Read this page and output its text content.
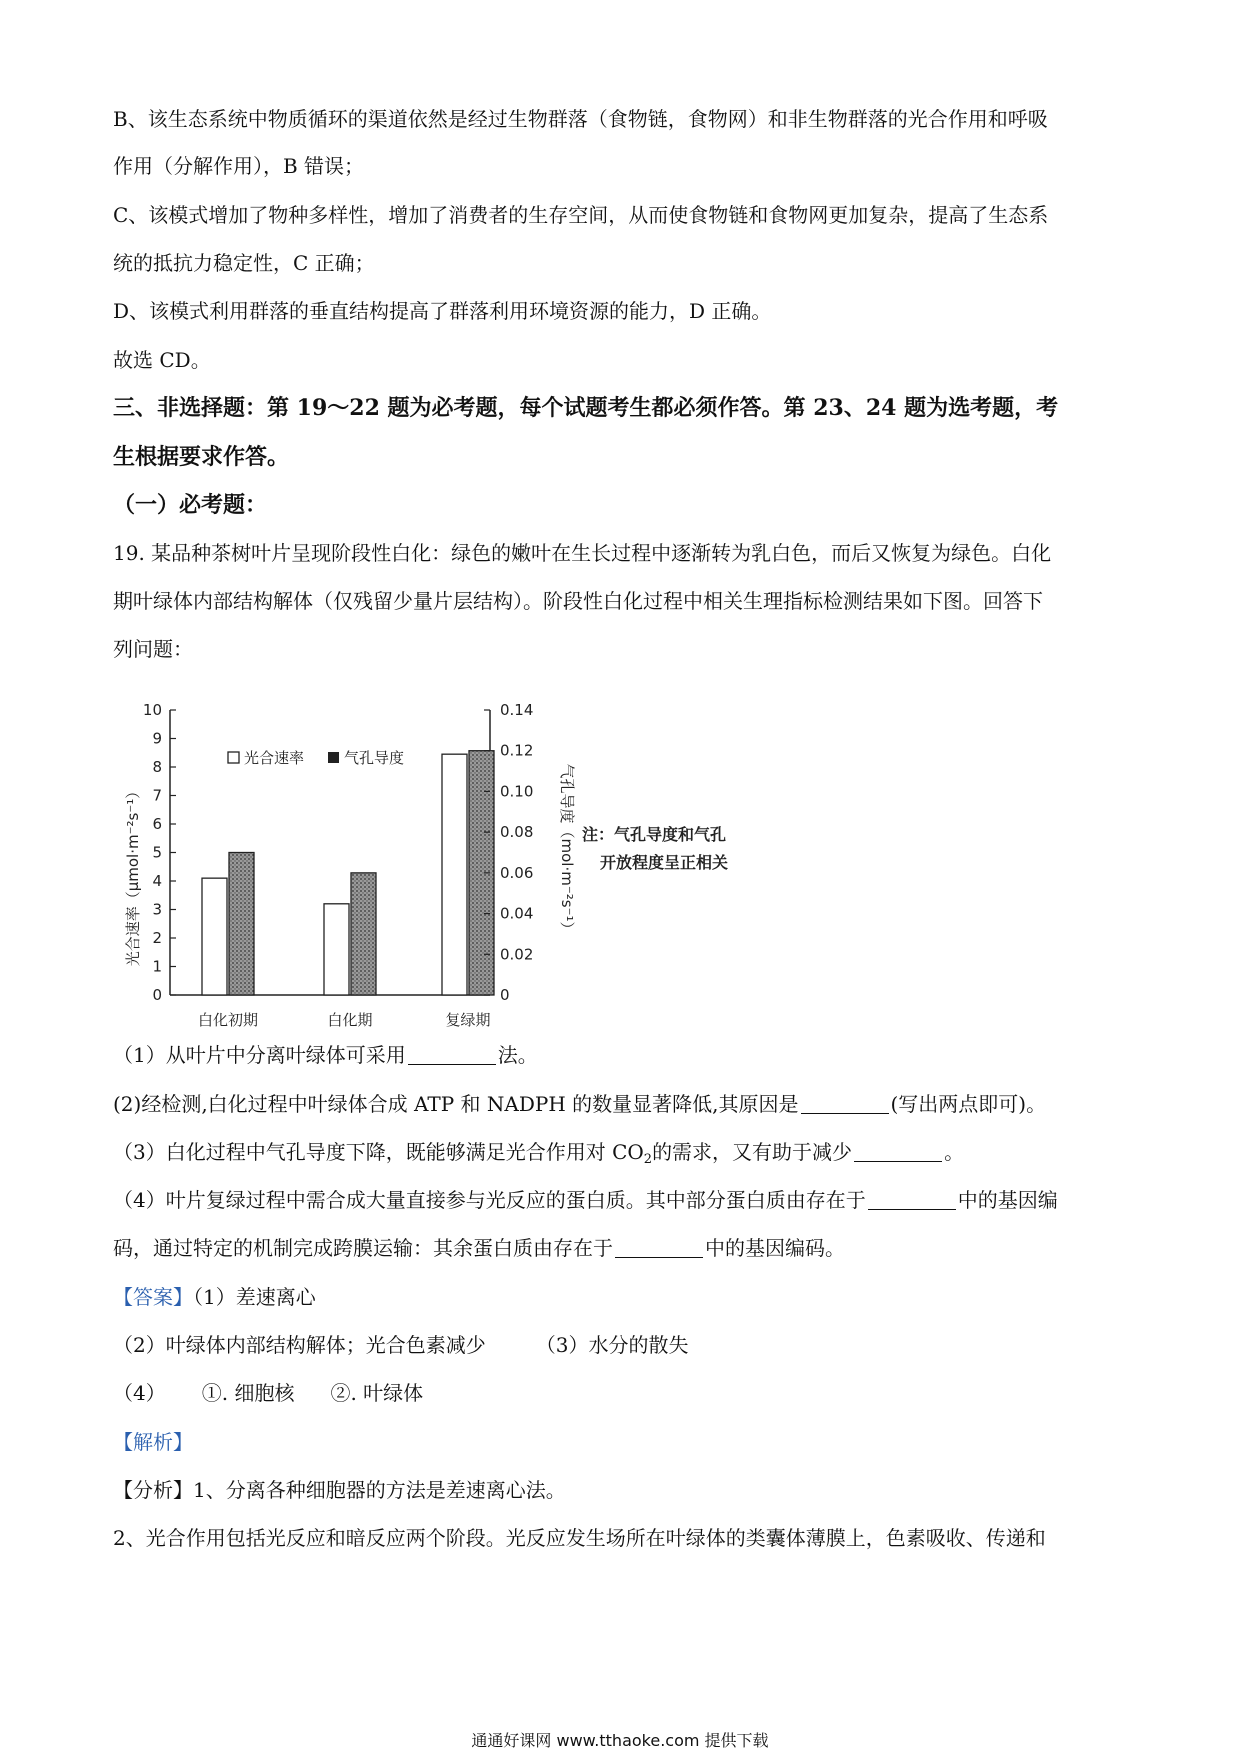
B、该生态系统中物质循环的渠道依然是经过生物群落（食物链，食物网）和非生物群落的光合作用和呼吸
作用（分解作用），B 错误；
C、该模式增加了物种多样性，增加了消费者的生存空间，从而使食物链和食物网更加复杂，提高了生态系
统的抵抗力稳定性，C 正确；
D、该模式利用群落的垂直结构提高了群落利用环境资源的能力，D 正确。
故选 CD。
三、非选择题：第 19～22 题为必考题，每个试题考生都必须作答。第 23、24 题为选考题，考
生根据要求作答。
（一）必考题：
19. 某品种茶树叶片呈现阶段性白化：绿色的嫩叶在生长过程中逐渐转为乳白色，而后又恢复为绿色。白化
期叶绿体内部结构解体（仅残留少量片层结构）。阶段性白化过程中相关生理指标检测结果如下图。回答下
列问题：
0
1
2
3
4
5
6
7
8
9
10
0
0.02
0.04
0.06
0.08
0.10
0.12
0.14
白化初期	白化期	复绿期
光合速率	气孔导度
光合速率（μmol·m⁻²s⁻¹）	气孔导度（mol·m⁻²s⁻¹） 注：气孔导度和气孔
开放程度呈正相关
（1）从叶片中分离叶绿体可采用	法。
(2)经检测,白化过程中叶绿体合成 ATP 和 NADPH 的数量显著降低,其原因是	(写出两点即可)。
（3）白化过程中气孔导度下降，既能够满足光合作用对 $CO_2$的需求，又有助于减少	。
（4）叶片复绿过程中需合成大量直接参与光反应的蛋白质。其中部分蛋白质由存在于	中的基因编
码，通过特定的机制完成跨膜运输：其余蛋白质由存在于	中的基因编码。
【答案】（1）差速离心
（2）叶绿体内部结构解体；光合色素减少	（3）水分的散失
（4） ①. 细胞核 ②. 叶绿体
【解析】
【分析】1、分离各种细胞器的方法是差速离心法。
2、光合作用包括光反应和暗反应两个阶段。光反应发生场所在叶绿体的类囊体薄膜上，色素吸收、传递和
通通好课网 www.tthaoke.com 提供下载
